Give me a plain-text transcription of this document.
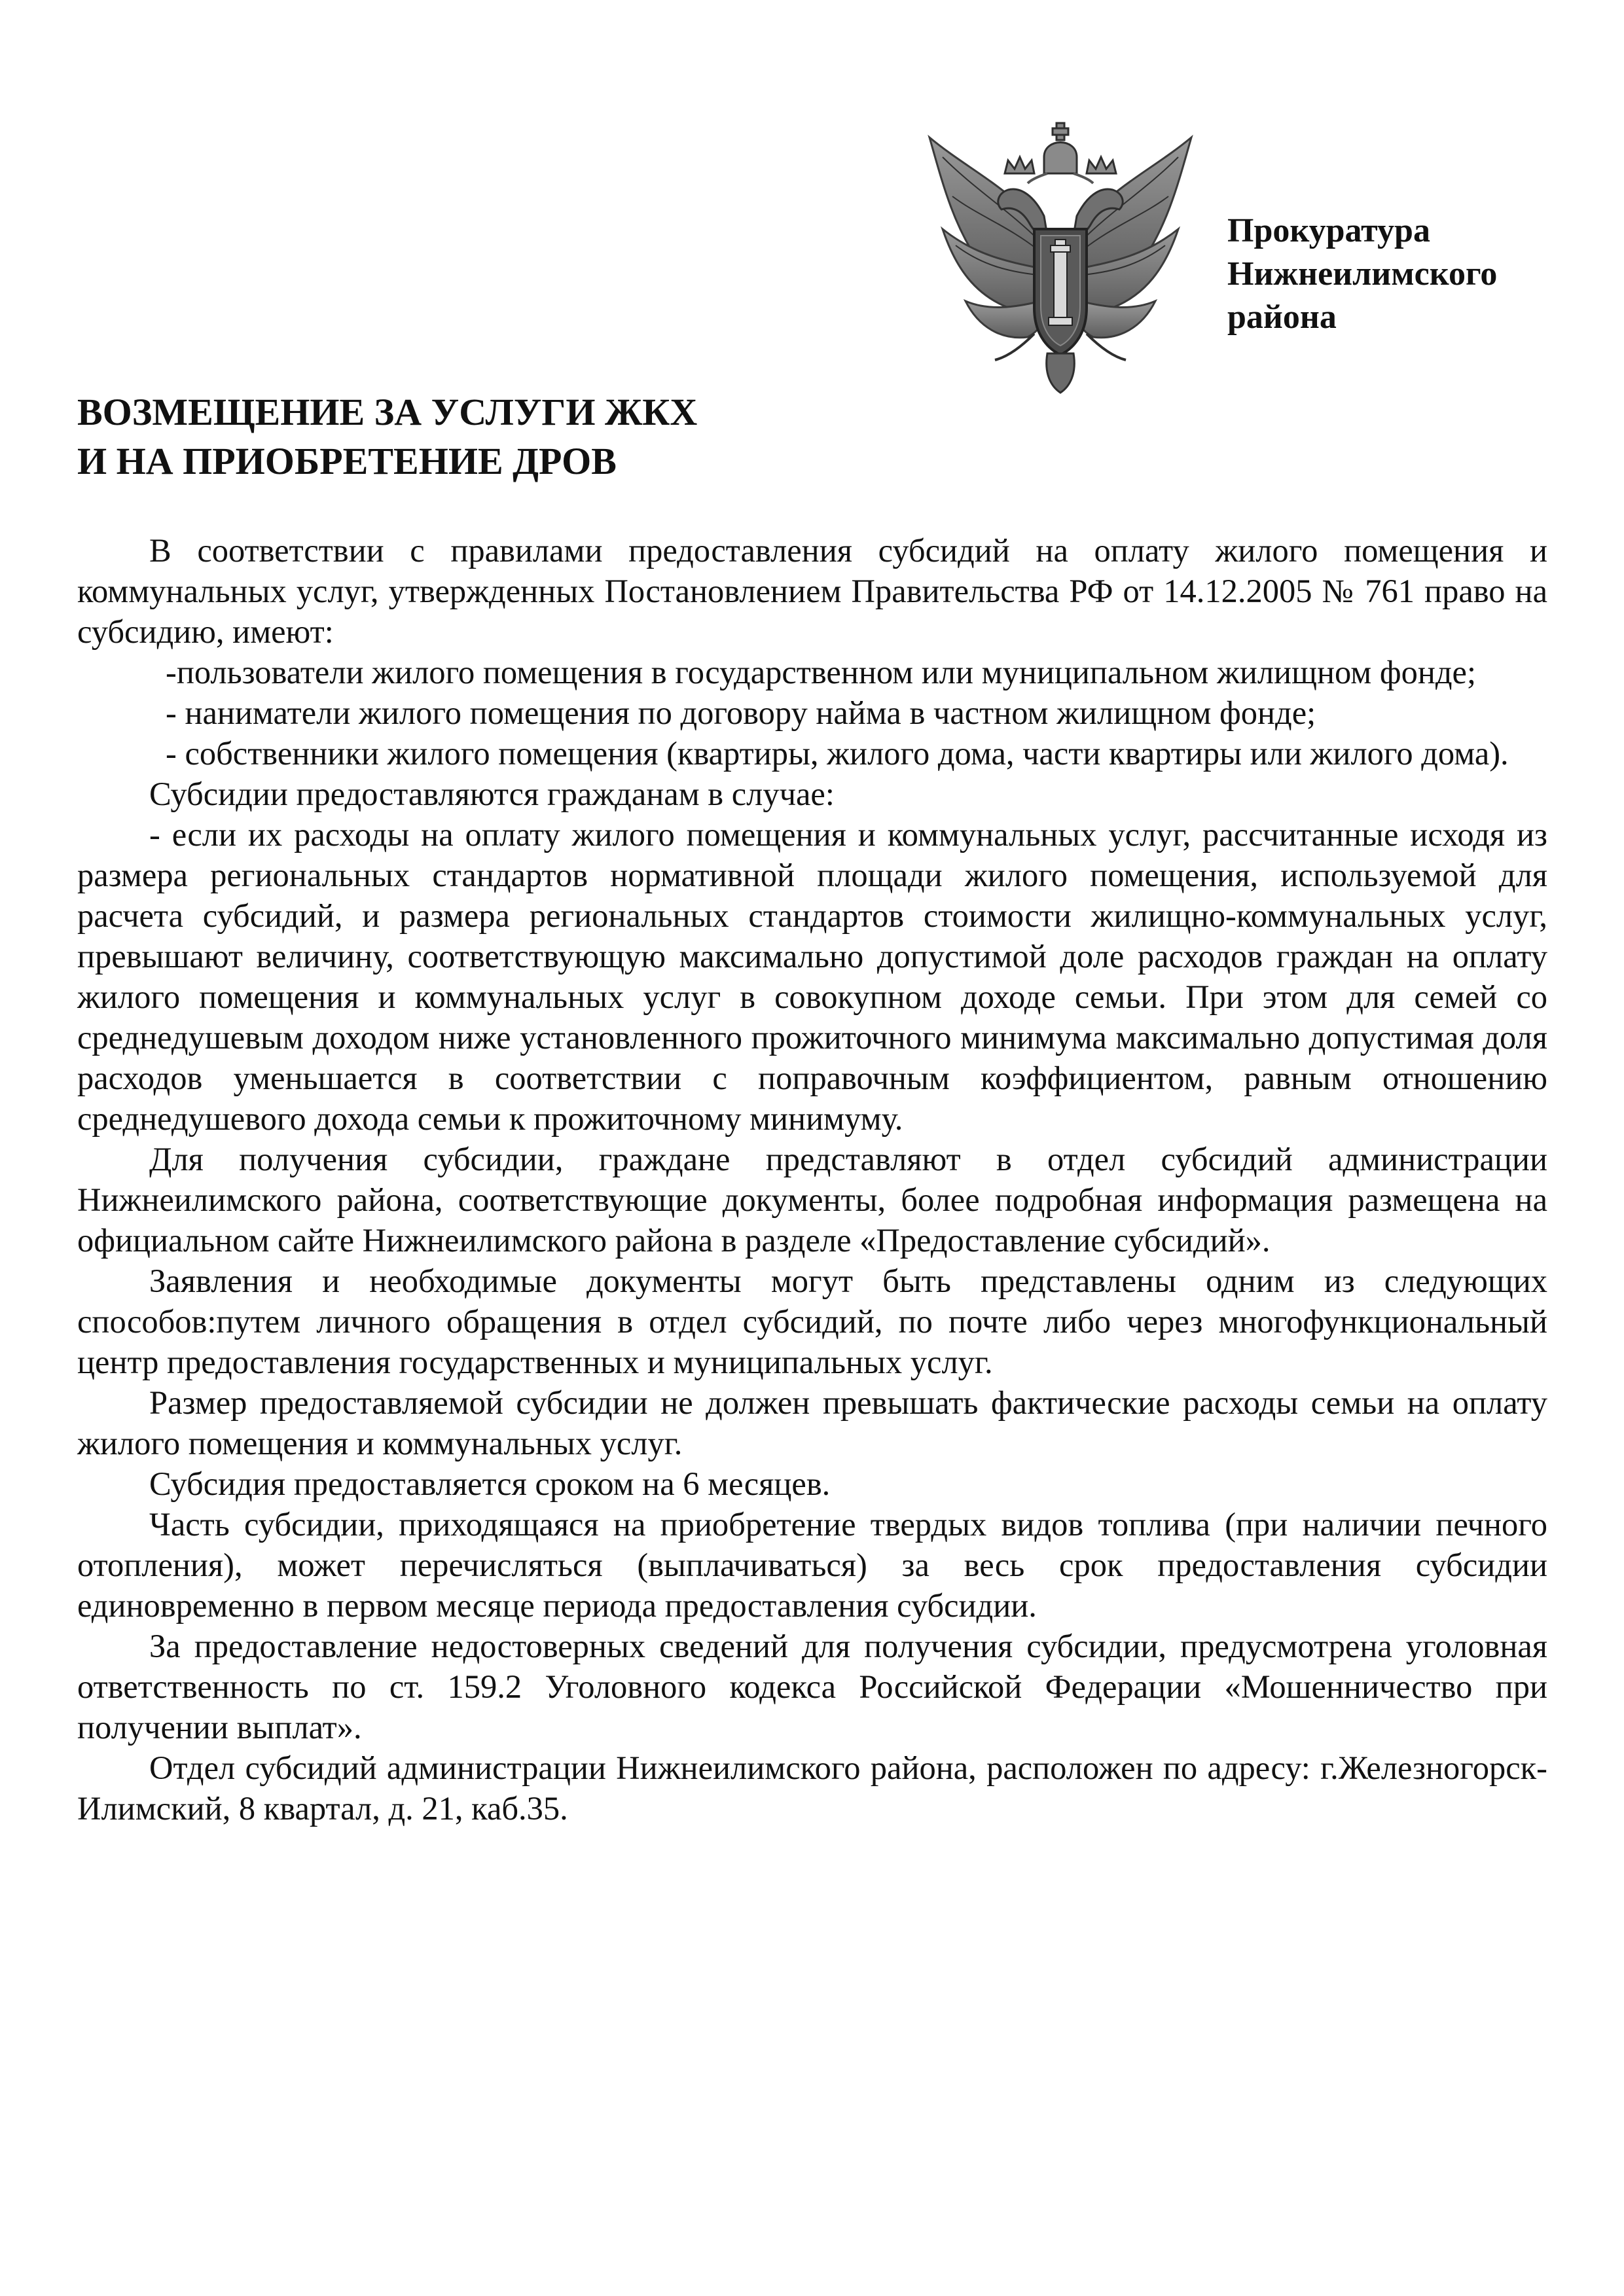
Прокуратура
Нижнеилимского
района
ВОЗМЕЩЕНИЕ ЗА УСЛУГИ ЖКХ
И НА ПРИОБРЕТЕНИЕ ДРОВ

В соответствии с правилами предоставления субсидий на оплату жилого помещения и коммунальных услуг, утвержденных Постановлением Правительства РФ от 14.12.2005 № 761 право на субсидию, имеют:

-пользователи жилого помещения в государственном или муниципальном жилищном фонде;

- наниматели жилого помещения по договору найма в частном жилищном фонде;

- собственники жилого помещения (квартиры, жилого дома, части квартиры или жилого дома).

Субсидии предоставляются гражданам в случае:

- если их расходы на оплату жилого помещения и коммунальных услуг, рассчитанные исходя из размера региональных стандартов нормативной площади жилого помещения, используемой для расчета субсидий, и размера региональных стандартов стоимости жилищно-коммунальных услуг, превышают величину, соответствующую максимально допустимой доле расходов граждан на оплату жилого помещения и коммунальных услуг в совокупном доходе семьи. При этом для семей со среднедушевым доходом ниже установленного прожиточного минимума максимально допустимая доля расходов уменьшается в соответствии с поправочным коэффициентом, равным отношению среднедушевого дохода семьи к прожиточному минимуму.

Для получения субсидии, граждане представляют в отдел субсидий администрации Нижнеилимского района, соответствующие документы, более подробная информация размещена на официальном сайте Нижнеилимского района в разделе «Предоставление субсидий».

Заявления и необходимые документы могут быть представлены одним из следующих способов:путем личного обращения в отдел субсидий, по почте либо через многофункциональный центр предоставления государственных и муниципальных услуг.

Размер предоставляемой субсидии не должен превышать фактические расходы семьи на оплату жилого помещения и коммунальных услуг.

Субсидия предоставляется сроком на 6 месяцев.

Часть субсидии, приходящаяся на приобретение твердых видов топлива (при наличии печного отопления), может перечисляться (выплачиваться) за весь срок предоставления субсидии единовременно в первом месяце периода предоставления субсидии.

За предоставление недостоверных сведений для получения субсидии, предусмотрена уголовная ответственность по ст. 159.2 Уголовного кодекса Российской Федерации «Мошенничество при получении выплат».

Отдел субсидий администрации Нижнеилимского района, расположен по адресу: г.Железногорск-Илимский, 8 квартал, д. 21, каб.35.
